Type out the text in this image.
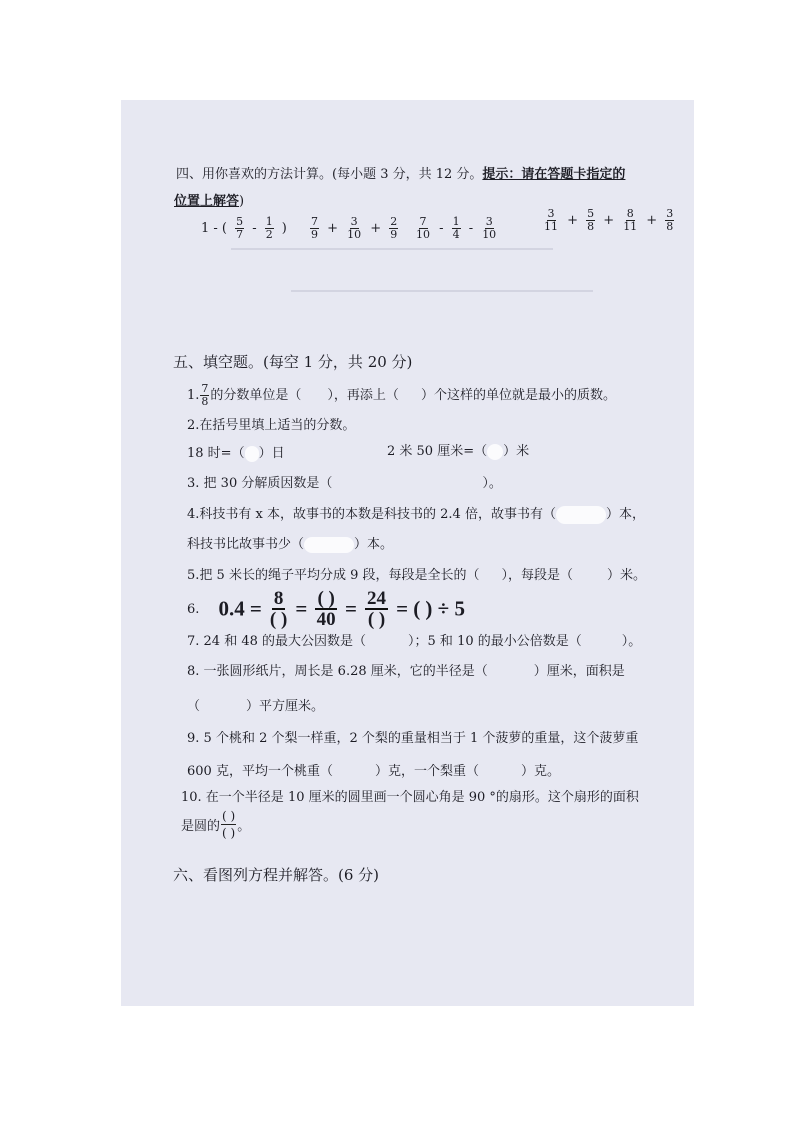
四、用你喜欢的方法计算。(每小题 3 分，共 12 分。提示：请在答题卡指定的
位置上解答)
1 - ( $\frac{5}{7} - \frac{1}{2}$ ) $\frac{7}{9} + \frac{3}{10} + \frac{2}{9} \frac{7}{10} - \frac{1}{4} - \frac{3}{10}$	$\frac{3}{11} + \frac{5}{8} + \frac{8}{11} + \frac{3}{8}$
五、填空题。(每空 1 分，共 20 分)
1. $\frac{7}{8}$ 的分数单位是（ ），再添上（ ）个这样的单位就是最小的质数。
2.在括号里填上适当的分数。
18 时=（ ）日	2 米 50 厘米=（ ）米
3. 把 30 分解质因数是（	）。
4.科技书有 x 本，故事书的本数是科技书的 2.4 倍，故事书有（	）本，
科技书比故事书少（	）本。
5.把 5 米长的绳子平均分成 9 段，每段是全长的（ ），每段是（	）米。
6. 0.4 = 8
( ) = ( )
40 = 24
( ) = ( ) ÷ 5
7. 24 和 48 的最大公因数是（	）；5 和 10 的最小公倍数是（	）。
8. 一张圆形纸片，周长是 6.28 厘米，它的半径是（	）厘米，面积是
（	）平方厘米。
9. 5 个桃和 2 个梨一样重，2 个梨的重量相当于 1 个菠萝的重量，这个菠萝重
600 克，平均一个桃重（	）克，一个梨重（	）克。
10. 在一个半径是 10 厘米的圆里画一个圆心角是 90 °的扇形。这个扇形的面积
是圆的 $\frac{( )}{( )}$ 。
六、看图列方程并解答。(6 分)
